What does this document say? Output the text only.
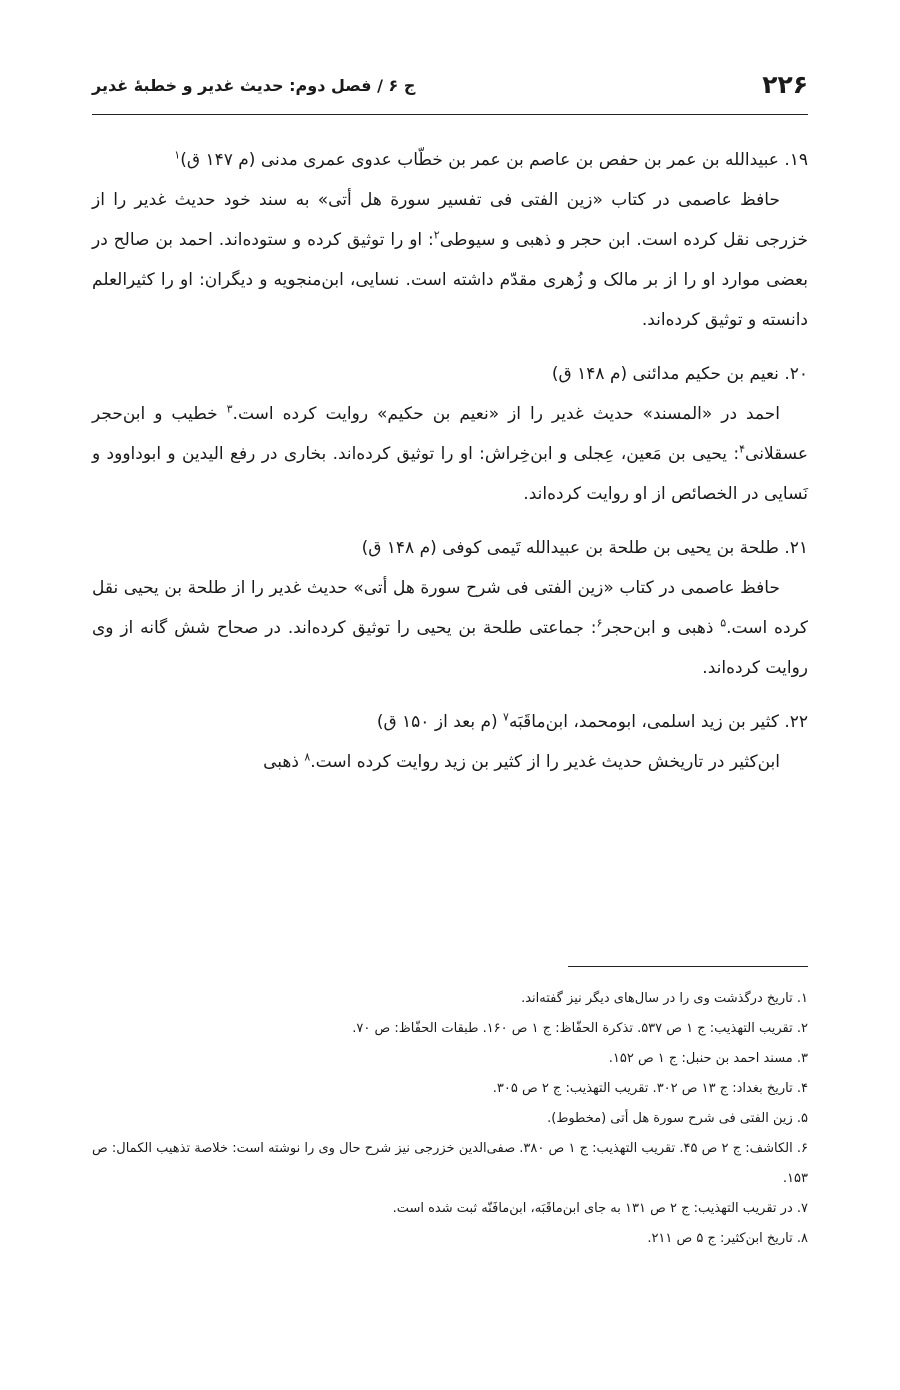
۲۲۶
ج ۶ / فصل دوم: حدیث غدیر و خطبهٔ غدیر

۱۹. عبیدالله بن عمر بن حفص بن عاصم بن عمر بن خطّاب عدوی عمری مدنی (م ۱۴۷ ق)$^۱$

حافظ عاصمی در کتاب «زین الفتی فی تفسیر سورة هل أتی» به سند خود حدیث غدیر را از خزرجی نقل کرده است. ابن حجر و ذهبی و سیوطی$^۲$: او را توثیق کرده و ستوده‌اند. احمد بن صالح در بعضی موارد او را از بر مالک و زُهری مقدّم داشته است. نسایی، ابن‌منجویه و دیگران: او را کثیرالعلم دانسته و توثیق کرده‌اند.

۲۰. نعیم بن حکیم مدائنی (م ۱۴۸ ق)

احمد در «المسند» حدیث غدیر را از «نعیم بن حکیم» روایت کرده است.$^۳$ خطیب و ابن‌حجر عسقلانی$^۴$: یحیی بن مَعین، عِجلی و ابن‌خِراش: او را توثیق کرده‌اند. بخاری در رفع الیدین و ابوداوود و نَسایی در الخصائص از او روایت کرده‌اند.

۲۱. طلحة بن یحیی بن طلحة بن عبیدالله تَیمی کوفی (م ۱۴۸ ق)

حافظ عاصمی در کتاب «زین الفتی فی شرح سورة هل أتی» حدیث غدیر را از طلحة بن یحیی نقل کرده است.$^۵$ ذهبی و ابن‌حجر$^۶$: جماعتی طلحة بن یحیی را توثیق کرده‌اند. در صحاح شش گانه از وی روایت کرده‌اند.

۲۲. کثیر بن زید اسلمی، ابومحمد، ابن‌ماقَبَه$^۷$ (م بعد از ۱۵۰ ق)

ابن‌کثیر در تاریخش حدیث غدیر را از کثیر بن زید روایت کرده است.$^۸$ ذهبی

۱. تاریخ درگذشت وی را در سال‌های دیگر نیز گفته‌اند.

۲. تقریب التهذیب: ج ۱ ص ۵۳۷. تذکرة الحفّاظ: ج ۱ ص ۱۶۰. طبقات الحفّاظ: ص ۷۰.

۳. مسند احمد بن حنبل: ج ۱ ص ۱۵۲.

۴. تاریخ بغداد: ج ۱۳ ص ۳۰۲. تقریب التهذیب: ج ۲ ص ۳۰۵.

۵. زین الفتی فی شرح سورة هل أتی (مخطوط).

۶. الکاشف: ج ۲ ص ۴۵. تقریب التهذیب: ج ۱ ص ۳۸۰. صفی‌الدین خزرجی نیز شرح حال وی را نوشته است: خلاصة تذهیب الکمال: ص ۱۵۳.

۷. در تقریب التهذیب: ج ۲ ص ۱۳۱ به جای ابن‌ماقَبَه، ابن‌مافَنّه ثبت شده است.

۸. تاریخ ابن‌کثیر: ج ۵ ص ۲۱۱.
